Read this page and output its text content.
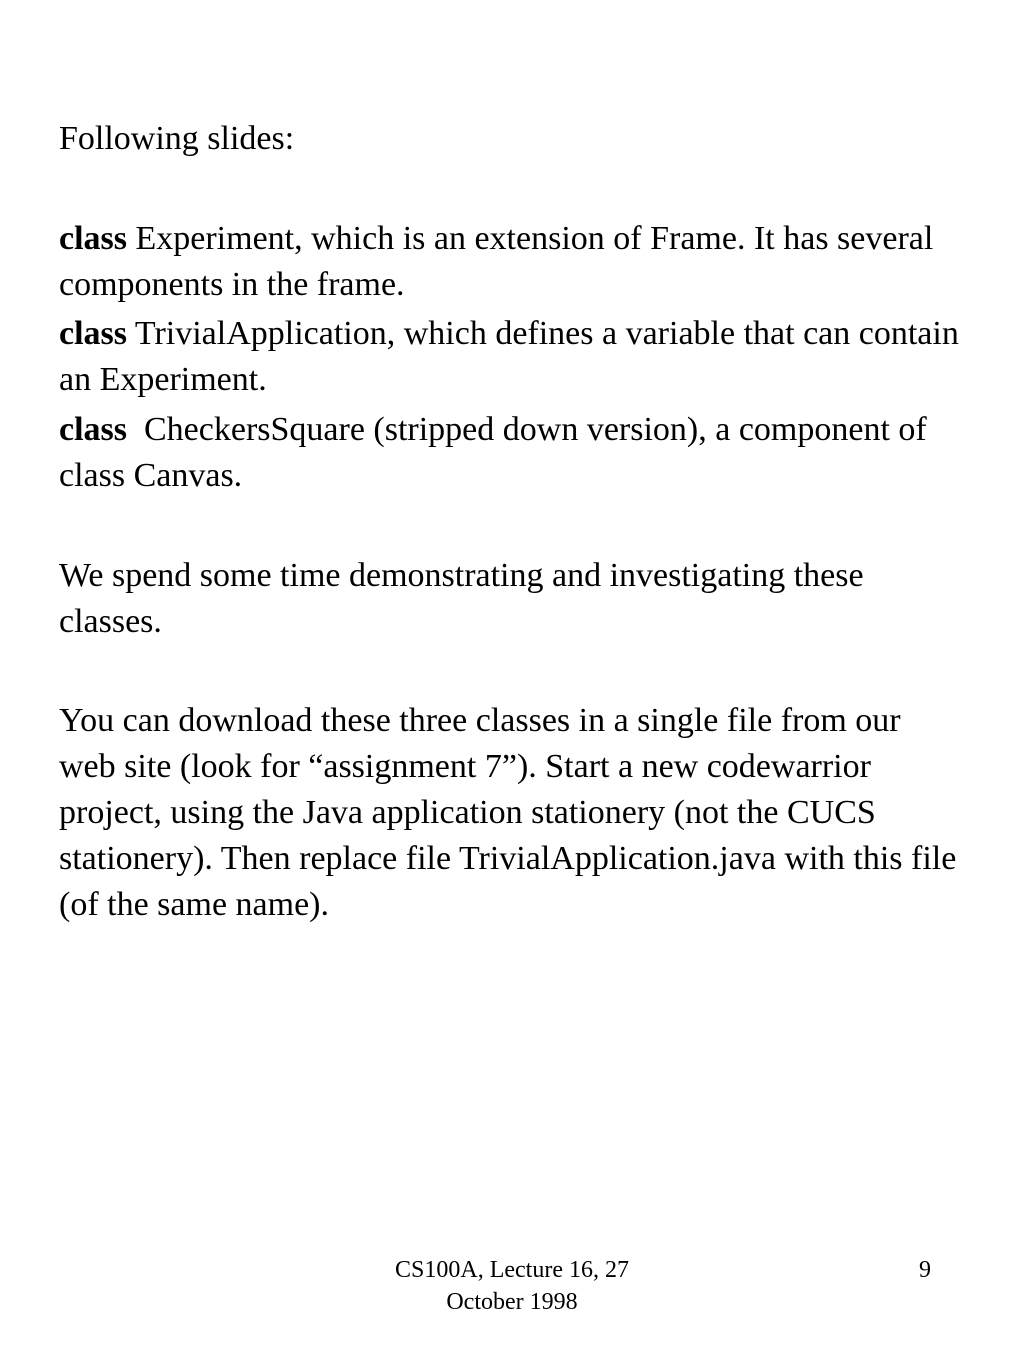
Following slides:

class Experiment, which is an extension of Frame. It has several components in the frame.

class TrivialApplication, which defines a variable that can contain an Experiment.

class  CheckersSquare (stripped down version), a component of class Canvas.

We spend some time demonstrating and investigating these classes.

You can download these three classes in a single file from our web site (look for “assignment 7”). Start a new codewarrior project, using the Java application stationery (not the CUCS stationery). Then replace file TrivialApplication.java with this file (of the same name).

CS100A, Lecture 16, 27
October 1998
9
